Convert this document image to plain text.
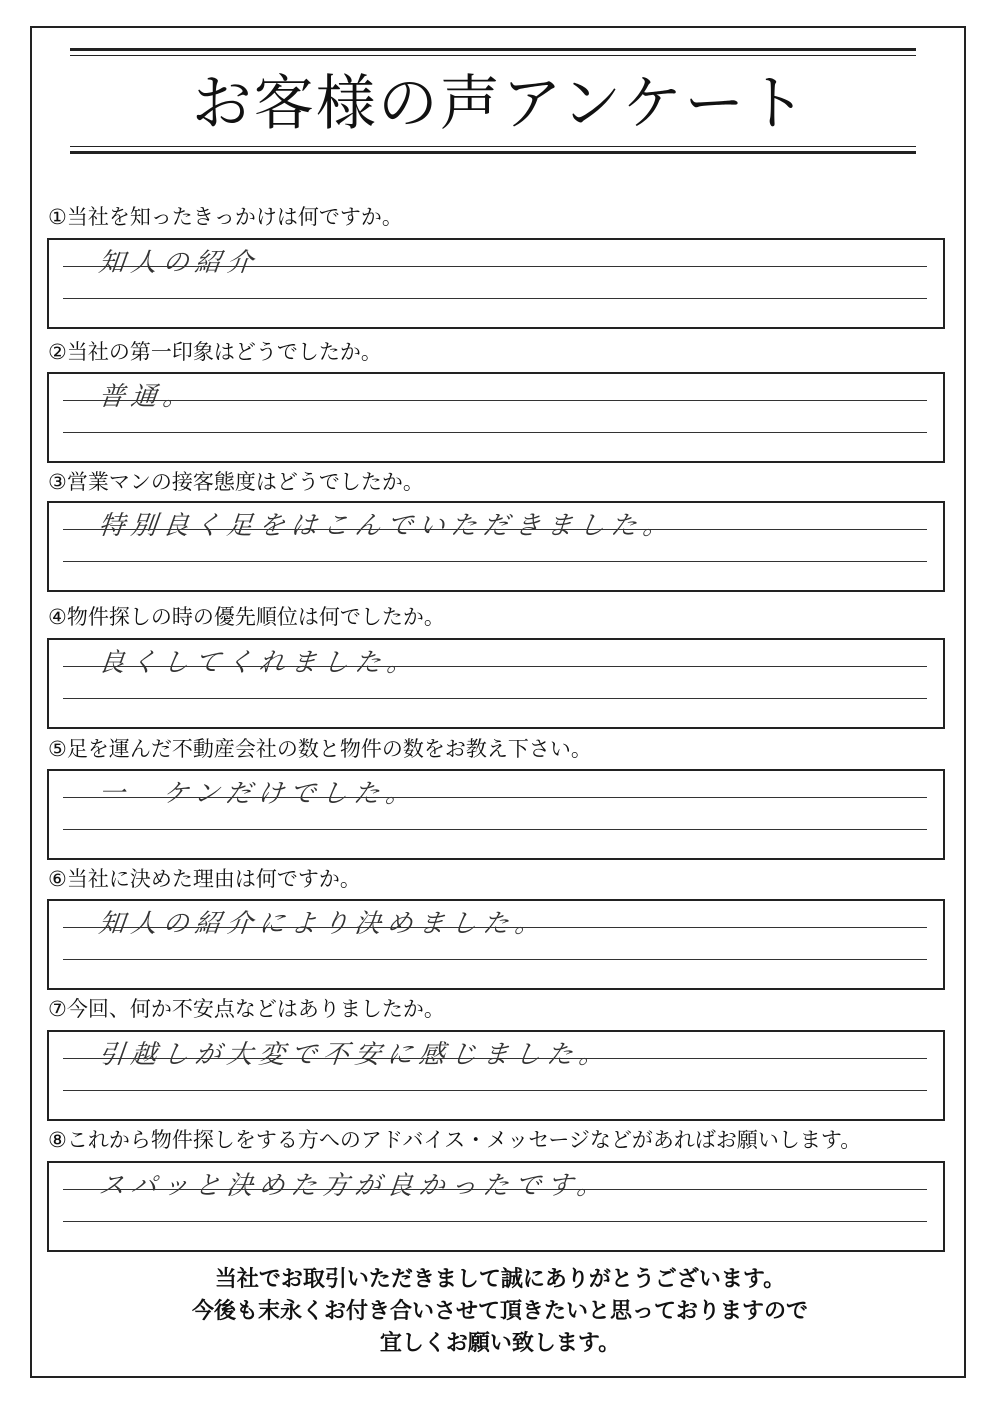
お客様の声アンケート
①当社を知ったきっかけは何ですか。
知人の紹介
②当社の第一印象はどうでしたか。
普通。
③営業マンの接客態度はどうでしたか。
特別良く足をはこんでいただきました。
④物件探しの時の優先順位は何でしたか。
良くしてくれました。
⑤足を運んだ不動産会社の数と物件の数をお教え下さい。
一　ケンだけでした。
⑥当社に決めた理由は何ですか。
知人の紹介により決めました。
⑦今回、何か不安点などはありましたか。
引越しが大変で不安に感じました。
⑧これから物件探しをする方へのアドバイス・メッセージなどがあればお願いします。
スパッと決めた方が良かったです。
当社でお取引いただきまして誠にありがとうございます。
今後も末永くお付き合いさせて頂きたいと思っておりますので
宜しくお願い致します。
